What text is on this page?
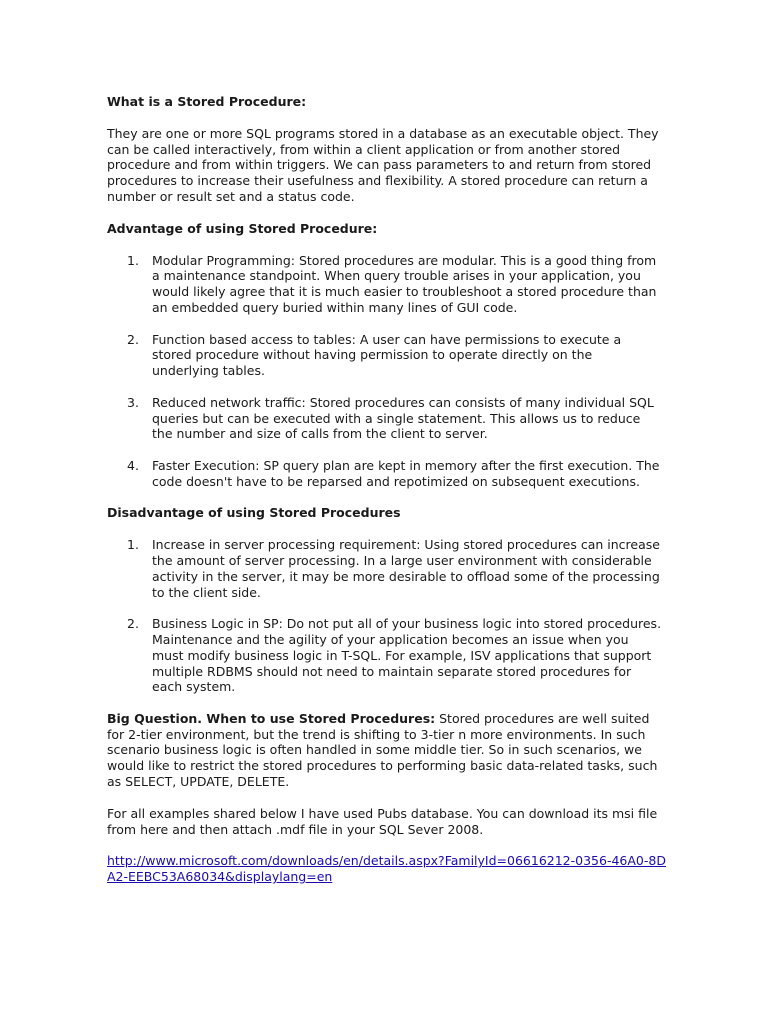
What is a Stored Procedure:

They are one or more SQL programs stored in a database as an executable object. They can be called interactively, from within a client application or from another stored procedure and from within triggers. We can pass parameters to and return from stored procedures to increase their usefulness and flexibility. A stored procedure can return a number or result set and a status code.

Advantage of using Stored Procedure:
1. Modular Programming: Stored procedures are modular. This is a good thing from a maintenance standpoint. When query trouble arises in your application, you would likely agree that it is much easier to troubleshoot a stored procedure than an embedded query buried within many lines of GUI code.
2. Function based access to tables: A user can have permissions to execute a stored procedure without having permission to operate directly on the underlying tables.
3. Reduced network traffic: Stored procedures can consists of many individual SQL queries but can be executed with a single statement. This allows us to reduce the number and size of calls from the client to server.
4. Faster Execution: SP query plan are kept in memory after the first execution. The code doesn't have to be reparsed and repotimized on subsequent executions.
Disadvantage of using Stored Procedures
1. Increase in server processing requirement: Using stored procedures can increase the amount of server processing. In a large user environment with considerable activity in the server, it may be more desirable to offload some of the processing to the client side.
2. Business Logic in SP: Do not put all of your business logic into stored procedures. Maintenance and the agility of your application becomes an issue when you must modify business logic in T-SQL. For example, ISV applications that support multiple RDBMS should not need to maintain separate stored procedures for each system.

Big Question. When to use Stored Procedures: Stored procedures are well suited for 2-tier environment, but the trend is shifting to 3-tier n more environments. In such scenario business logic is often handled in some middle tier. So in such scenarios, we would like to restrict the stored procedures to performing basic data-related tasks, such as SELECT, UPDATE, DELETE.

For all examples shared below I have used Pubs database. You can download its msi file from here and then attach .mdf file in your SQL Sever 2008.

http://www.microsoft.com/downloads/en/details.aspx?FamilyId=06616212-0356-46A0-8DA2-EEBC53A68034&displaylang=en
